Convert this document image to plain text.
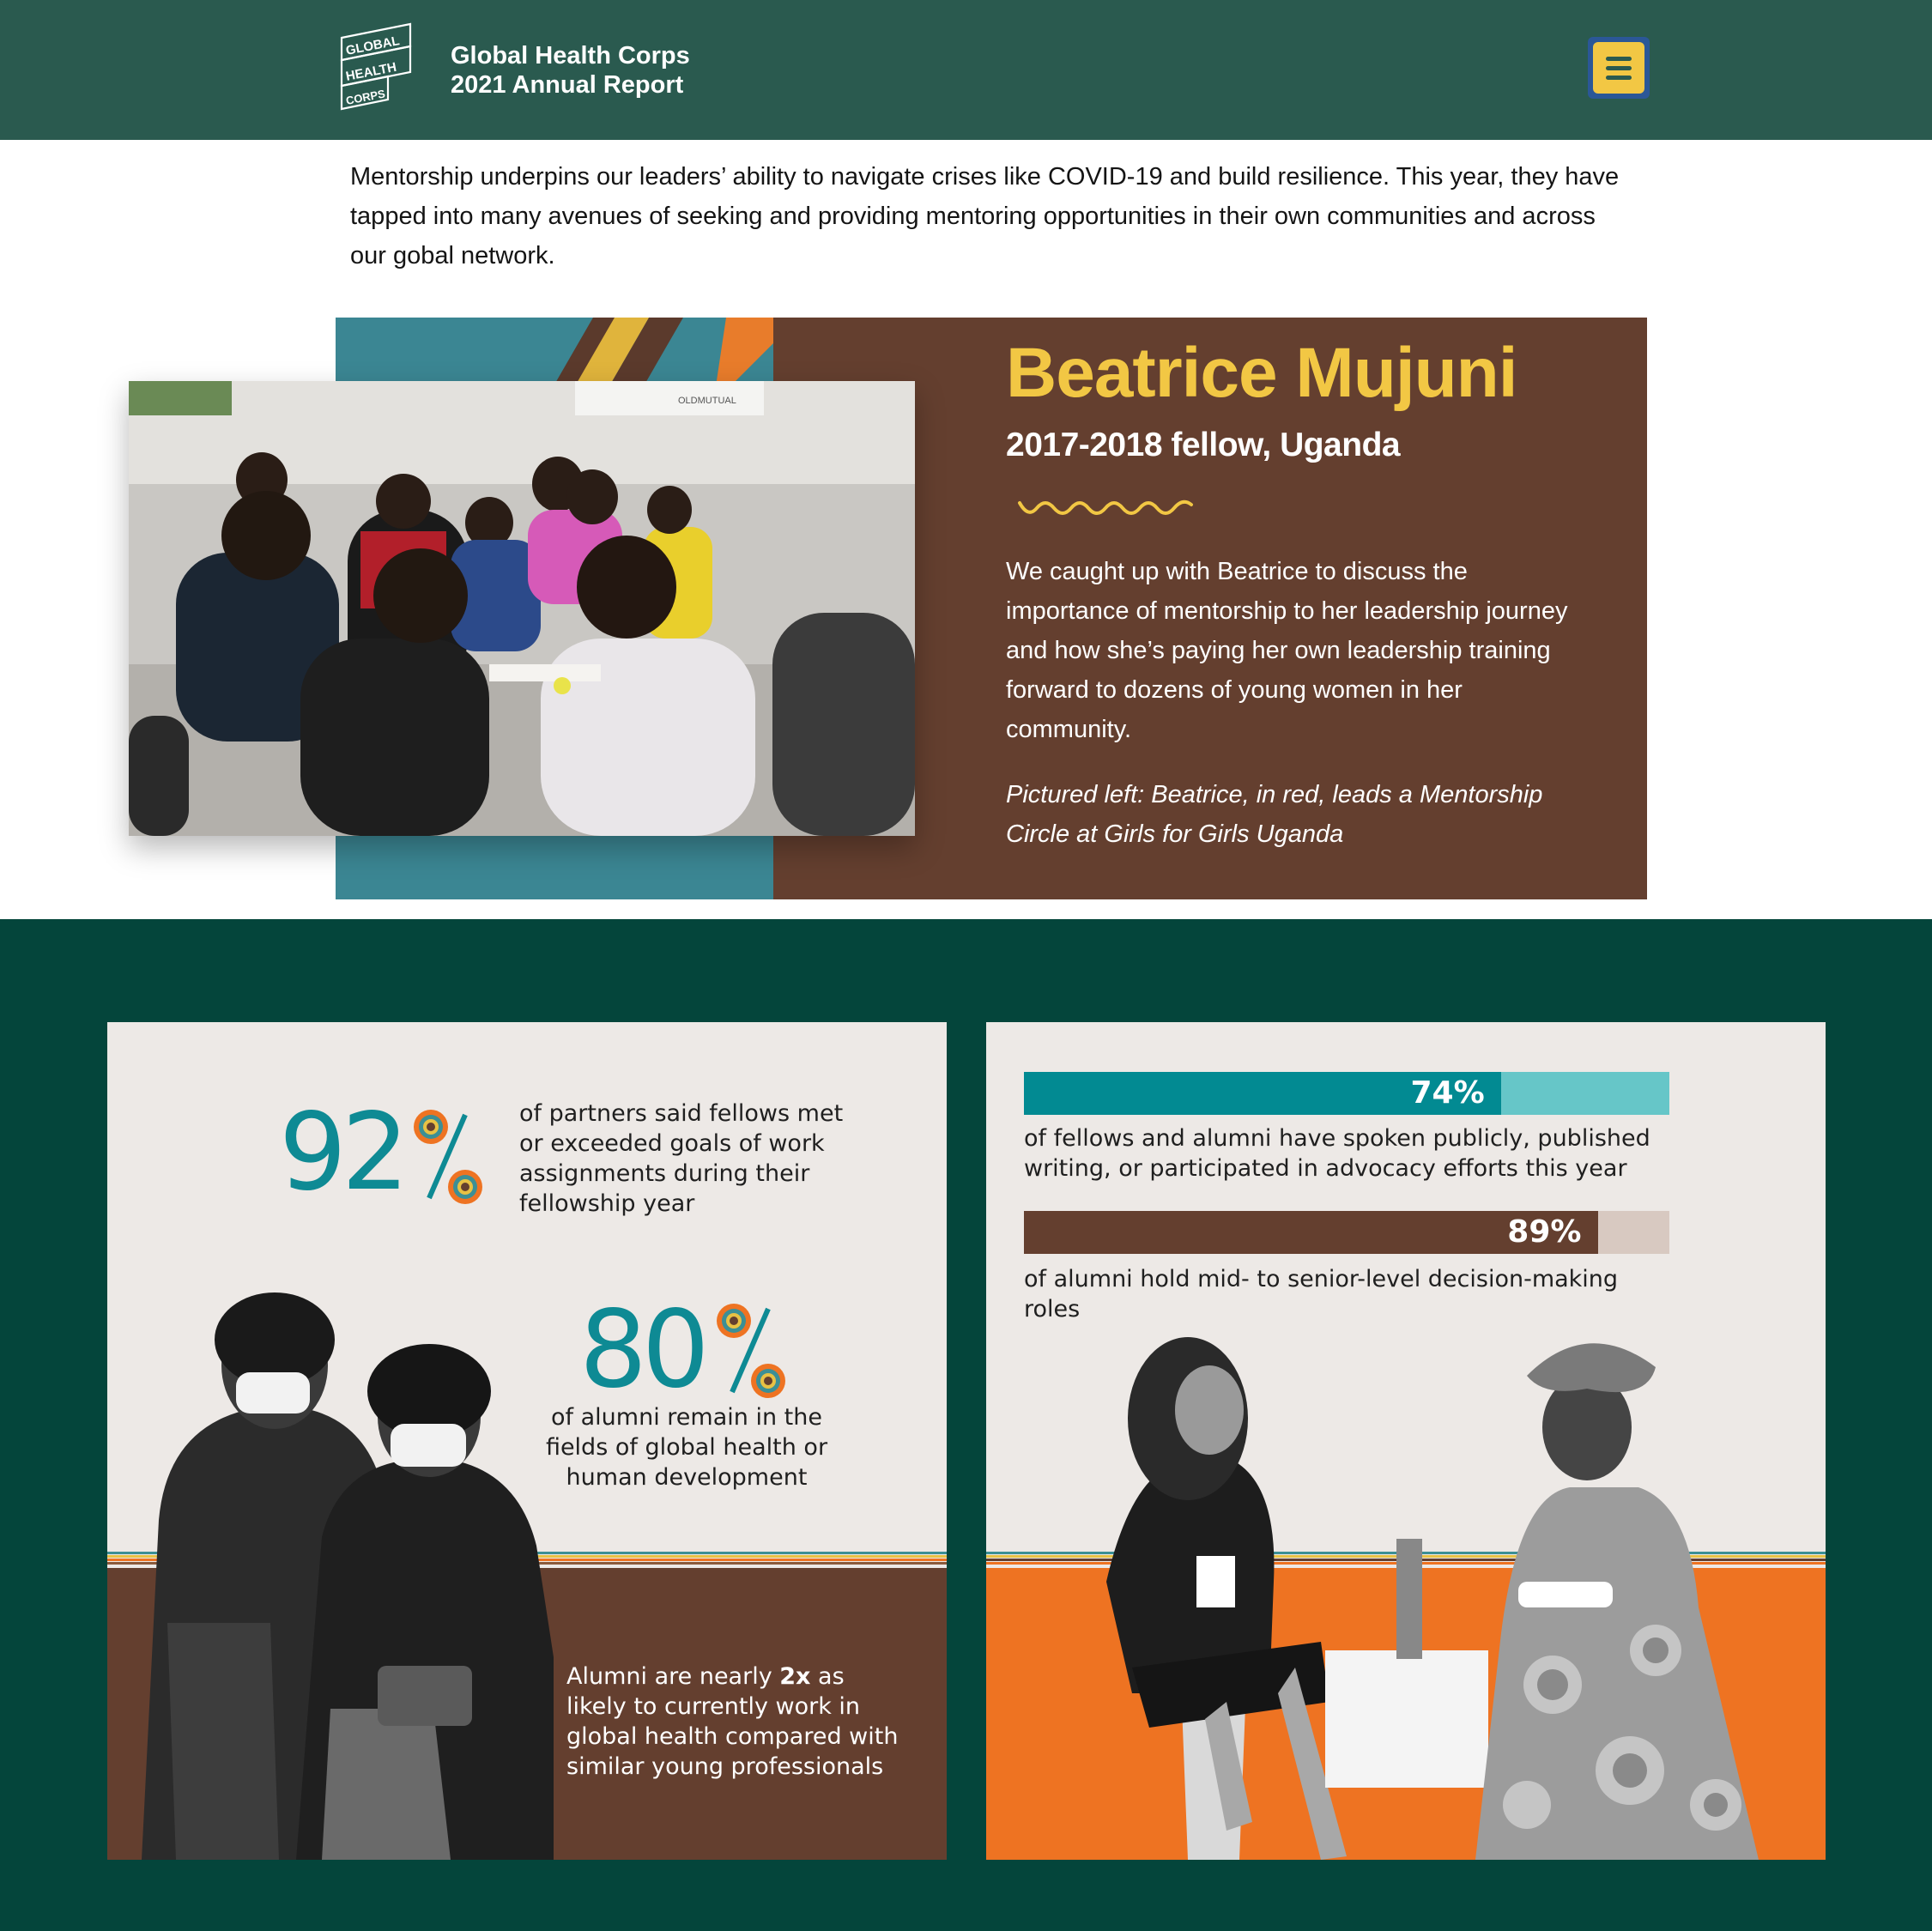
GLOBAL
HEALTH
CORPS
Global Health Corps
2021 Annual Report

Mentorship underpins our leaders’ ability to navigate crises like COVID-19 and build resilience. This year, they have tapped into many avenues of seeking and providing mentoring opportunities in their own communities and across our gobal network.

OLDMUTUAL	Beatrice Mujuni
2017-2018 fellow, Uganda

We caught up with Beatrice to discuss the importance of mentorship to her leadership journey and how she’s paying her own leadership training forward to dozens of young women in her community.

Pictured left: Beatrice, in red, leads a Mentorship Circle at Girls for Girls Uganda

92	of partners said fellows met or exceeded goals of work assignments during their fellowship year

80

of alumni remain in the fields of global health or human development

Alumni are nearly 2x as likely to currently work in global health compared with similar young professionals

74%

of fellows and alumni have spoken publicly, published writing, or participated in advocacy efforts this year

89%

of alumni hold mid- to senior-level decision-making roles
